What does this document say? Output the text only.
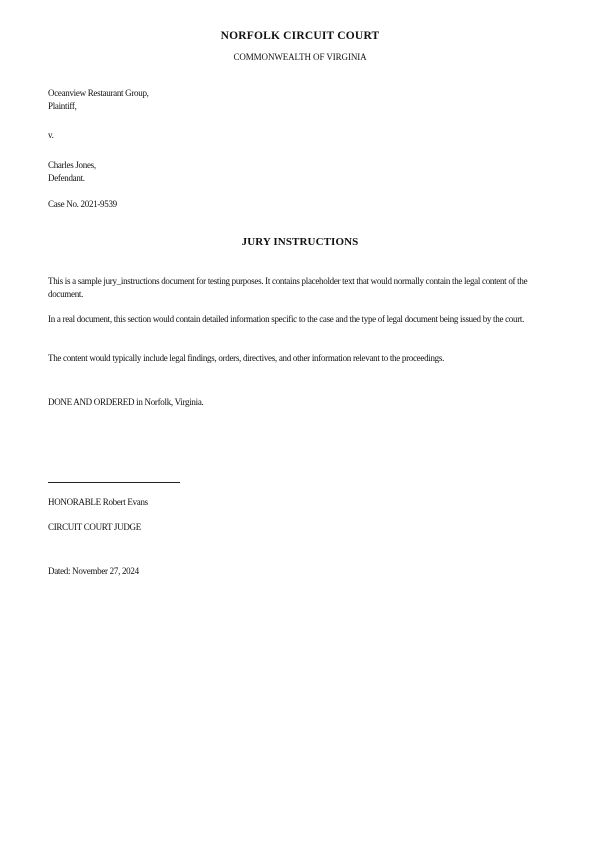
NORFOLK CIRCUIT COURT
COMMONWEALTH OF VIRGINIA
Oceanview Restaurant Group,
Plaintiff,
v.
Charles Jones,
Defendant.
Case No. 2021-9539
JURY INSTRUCTIONS

This is a sample jury_instructions document for testing purposes. It contains placeholder text that would normally contain the legal content of the document.

In a real document, this section would contain detailed information specific to the case and the type of legal document being issued by the court.

The content would typically include legal findings, orders, directives, and other information relevant to the proceedings.

DONE AND ORDERED in Norfolk, Virginia.
HONORABLE Robert Evans
CIRCUIT COURT JUDGE
Dated: November 27, 2024
